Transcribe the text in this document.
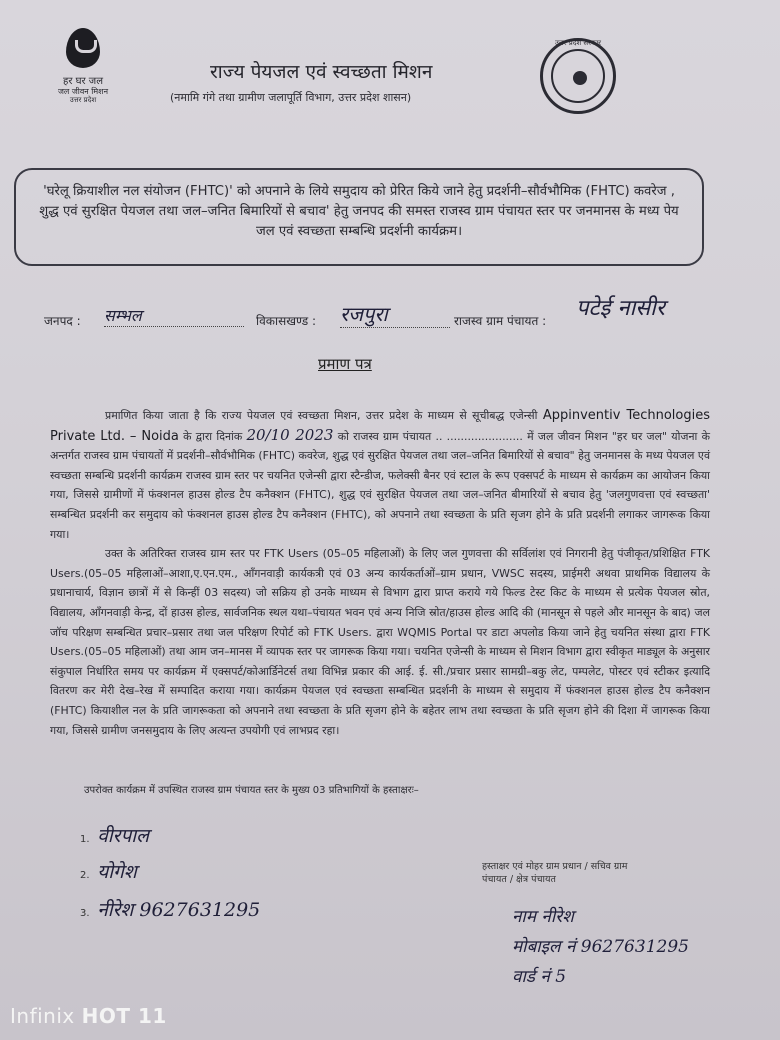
हर घर जल
जल जीवन मिशन
उत्तर प्रदेश
राज्य पेयजल एवं स्वच्छता मिशन
(नमामि गंगे तथा ग्रामीण जलापूर्ति विभाग, उत्तर प्रदेश शासन)
उत्तर प्रदेश सरकार
'घरेलू क्रियाशील नल संयोजन (FHTC)' को अपनाने के लिये समुदाय को प्रेरित किये जाने हेतु प्रदर्शनी–सौर्वभौमिक (FHTC) कवरेज , शुद्ध एवं सुरक्षित पेयजल तथा जल–जनित बिमारियों से बचाव' हेतु जनपद की समस्त राजस्व ग्राम पंचायत स्तर पर जनमानस के मध्य पेय जल एवं स्वच्छता सम्बन्धि प्रदर्शनी कार्यक्रम।
जनपद : सम्भल	विकासखण्ड : रजपुरा	राजस्व ग्राम पंचायत : पटेई नासीर
प्रमाण पत्र

प्रमाणित किया जाता है कि राज्य पेयजल एवं स्वच्छता मिशन, उत्तर प्रदेश के माध्यम से सूचीबद्ध एजेन्सी Appinventiv Technologies Private Ltd. – Noida के द्वारा दिनांक 20/10 2023 को राजस्व ग्राम पंचायत .. ...................... में जल जीवन मिशन "हर घर जल" योजना के अन्तर्गत राजस्व ग्राम पंचायतों में प्रदर्शनी–सौर्वभौमिक (FHTC) कवरेज, शुद्ध एवं सुरक्षित पेयजल तथा जल–जनित बिमारियों से बचाव" हेतु जनमानस के मध्य पेयजल एवं स्वच्छता सम्बन्धि प्रदर्शनी कार्यक्रम राजस्व ग्राम स्तर पर चयनित एजेन्सी द्वारा स्टैन्डीज, फलेक्सी बैनर एवं स्टाल के रूप एक्सपर्ट के माध्यम से कार्यक्रम का आयोजन किया गया, जिससे ग्रामीणों में फंक्शनल हाउस होल्ड टैप कनैक्शन (FHTC), शुद्ध एवं सुरक्षित पेयजल तथा जल–जनित बीमारियों से बचाव हेतु 'जलगुणवत्ता एवं स्वच्छता' सम्बन्धित प्रदर्शनी कर समुदाय को फंक्शनल हाउस होल्ड टैप कनैक्शन (FHTC), को अपनाने तथा स्वच्छता के प्रति सृजग होने के प्रति प्रदर्शनी लगाकर जागरूक किया गया।

उक्त के अतिरिक्त राजस्व ग्राम स्तर पर FTK Users (05–05 महिलाओं) के लिए जल गुणवत्ता की सर्विलांश एवं निगरानी हेतु पंजीकृत/प्रशिक्षित FTK Users.(05–05 महिलाओं–आशा,ए.एन.एम., आँगनवाड़ी कार्यकत्री एवं 03 अन्य कार्यकर्ताओं–ग्राम प्रधान, VWSC सदस्य, प्राईमरी अथवा प्राथमिक विद्यालय के प्रधानाचार्य, विज्ञान छात्रों में से किन्हीं 03 सदस्य) जो सक्रिय हो उनके माध्यम से विभाग द्वारा प्राप्त कराये गये फिल्ड टेस्ट किट के माध्यम से प्रत्येक पेयजल स्रोत, विद्यालय, आँगनवाड़ी केन्द्र, दों हाउस होल्ड, सार्वजनिक स्थल यथा–पंचायत भवन एवं अन्य निजि स्रोत/हाउस होल्ड आदि की (मानसून से पहले और मानसून के बाद) जल जॉच परिक्षण सम्बन्धित प्रचार–प्रसार तथा जल परिक्षण रिपोर्ट को FTK Users. द्वारा WQMIS Portal पर डाटा अपलोड किया जाने हेतु चयनित संस्था द्वारा FTK Users.(05–05 महिलाओं) तथा आम जन–मानस में व्यापक स्तर पर जागरूक किया गया। चयनित एजेन्सी के माध्यम से मिशन विभाग द्वारा स्वीकृत माड्यूल के अनुसार संकुपाल निर्धारित समय पर कार्यक्रम में एक्सपर्ट/कोआर्डिनेटर्स तथा विभिन्न प्रकार की आई. ई. सी./प्रचार प्रसार सामग्री–बकु लेट, पम्पलेट, पोस्टर एवं स्टीकर इत्यादि वितरण कर मेरी देख–रेख में सम्पादित कराया गया। कार्यक्रम पेयजल एवं स्वच्छता सम्बन्धित प्रदर्शनी के माध्यम से समुदाय में फंक्शनल हाउस होल्ड टैप कनैक्शन (FHTC) कियाशील नल के प्रति जागरूकता को अपनाने तथा स्वच्छता के प्रति सृजग होने के बहेतर लाभ तथा स्वच्छता के प्रति सृजग होने की दिशा में जागरूक किया गया, जिससे ग्रामीण जनसमुदाय के लिए अत्यन्त उपयोगी एवं लाभप्रद रहा।

उपरोक्त कार्यक्रम में उपस्थित राजस्व ग्राम पंचायत स्तर के मुख्य 03 प्रतिभागियों के हस्ताक्षरः–
1. वीरपाल
2. योगेश
3. नीरेश 9627631295
हस्ताक्षर एवं मोहर ग्राम प्रधान / सचिव ग्राम पंचायत / क्षेत्र पंचायत
नाम नीरेश
मोबाइल नं 9627631295
वार्ड नं 5
Infinix HOT 11
